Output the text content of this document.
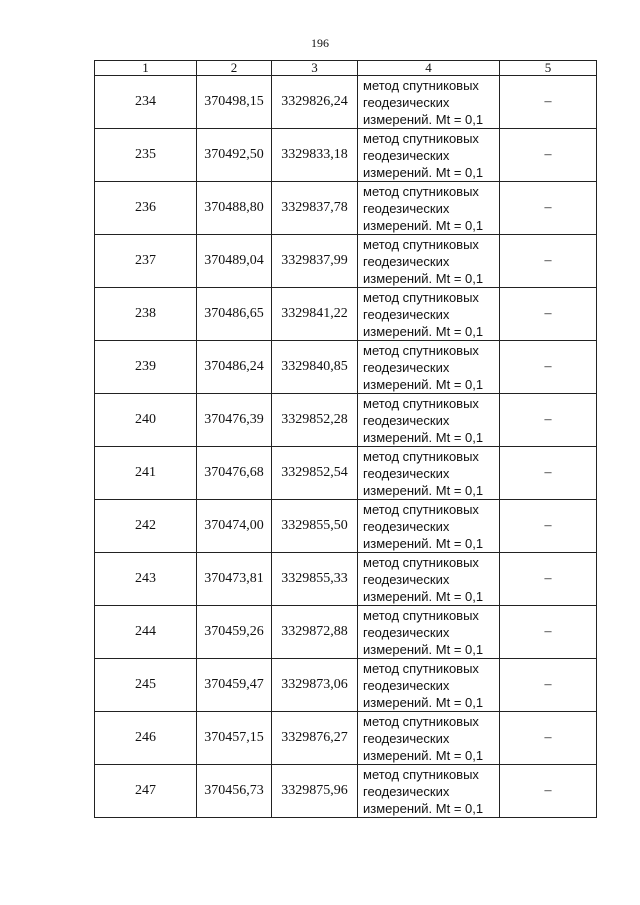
196
1	2	3	4	5
234	370498,15	3329826,24	метод спутниковых
геодезических
измерений. Mt = 0,1	–
235	370492,50	3329833,18	метод спутниковых
геодезических
измерений. Mt = 0,1	–
236	370488,80	3329837,78	метод спутниковых
геодезических
измерений. Mt = 0,1	–
237	370489,04	3329837,99	метод спутниковых
геодезических
измерений. Mt = 0,1	–
238	370486,65	3329841,22	метод спутниковых
геодезических
измерений. Mt = 0,1	–
239	370486,24	3329840,85	метод спутниковых
геодезических
измерений. Mt = 0,1	–
240	370476,39	3329852,28	метод спутниковых
геодезических
измерений. Mt = 0,1	–
241	370476,68	3329852,54	метод спутниковых
геодезических
измерений. Mt = 0,1	–
242	370474,00	3329855,50	метод спутниковых
геодезических
измерений. Mt = 0,1	–
243	370473,81	3329855,33	метод спутниковых
геодезических
измерений. Mt = 0,1	–
244	370459,26	3329872,88	метод спутниковых
геодезических
измерений. Mt = 0,1	–
245	370459,47	3329873,06	метод спутниковых
геодезических
измерений. Mt = 0,1	–
246	370457,15	3329876,27	метод спутниковых
геодезических
измерений. Mt = 0,1	–
247	370456,73	3329875,96	метод спутниковых
геодезических
измерений. Mt = 0,1	–
